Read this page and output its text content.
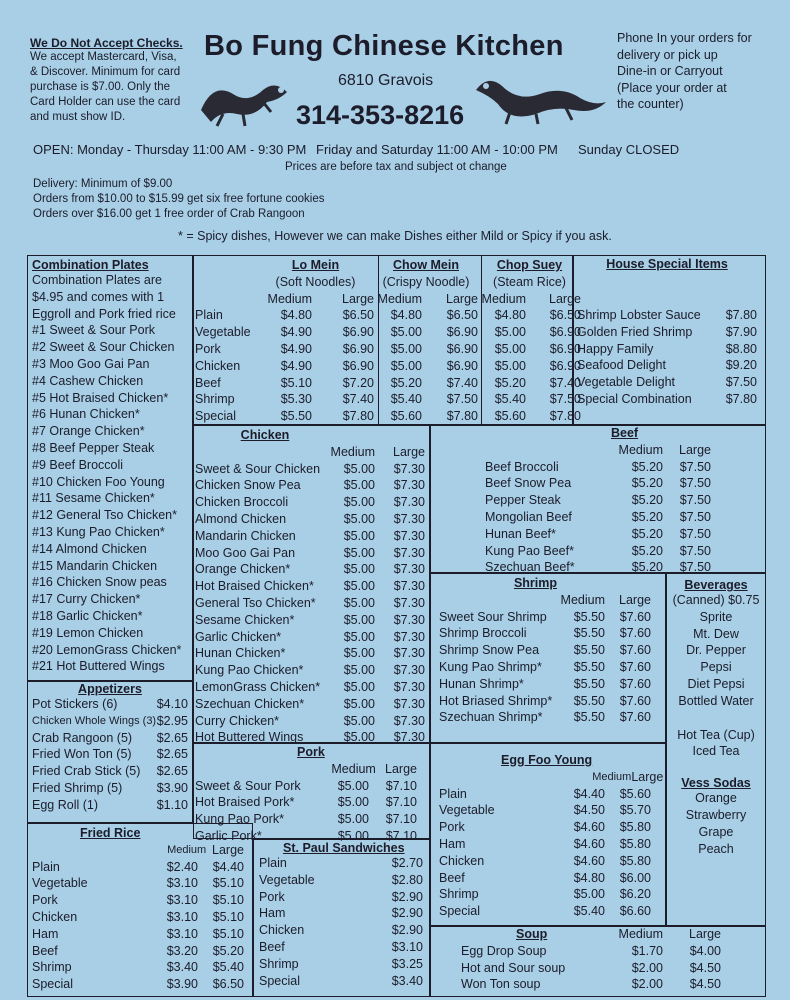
We Do Not Accept Checks.
We accept Mastercard, Visa,
& Discover. Minimum for card
purchase is $7.00. Only the
Card Holder can use the card
and must show ID.
Bo Fung Chinese Kitchen
6810 Gravois
314-353-8216
Phone In your orders for
delivery or pick up
Dine-in or Carryout
(Place your order at
the counter)
OPEN: Monday - Thursday 11:00 AM - 9:30 PM Friday and Saturday 11:00 AM - 10:00 PM Sunday CLOSED
Prices are before tax and subject ot change
Delivery: Minimum of $9.00
Orders from $10.00 to $15.99 get six free fortune cookies
Orders over $16.00 get 1 free order of Crab Rangoon
* = Spicy dishes, However we can make Dishes either Mild or Spicy if you ask.
Combination Plates
Combination Plates are
$4.95 and comes with 1
Eggroll and Pork fried rice
#1 Sweet & Sour Pork
#2 Sweet & Sour Chicken
#3 Moo Goo Gai Pan
#4 Cashew Chicken
#5 Hot Braised Chicken*
#6 Hunan Chicken*
#7 Orange Chicken*
#8 Beef Pepper Steak
#9 Beef Broccoli
#10 Chicken Foo Young
#11 Sesame Chicken*
#12 General Tso Chicken*
#13 Kung Pao Chicken*
#14 Almond Chicken
#15 Mandarin Chicken
#16 Chicken Snow peas
#17 Curry Chicken*
#18 Garlic Chicken*
#19 Lemon Chicken
#20 LemonGrass Chicken*
#21 Hot Buttered Wings
Appetizers
Pot Stickers (6)	$4.10
Chicken Whole Wings (3)	$2.95
Crab Rangoon (5)	$2.65
Fried Won Ton (5)	$2.65
Fried Crab Stick (5)	$2.65
Fried Shrimp (5)	$3.90
Egg Roll (1)	$1.10
Fried Rice		
	Medium	Large
Plain	$2.40	$4.40
Vegetable	$3.10	$5.10
Pork	$3.10	$5.10
Chicken	$3.10	$5.10
Ham	$3.10	$5.10
Beef	$3.20	$5.20
Shrimp	$3.40	$5.40
Special	$3.90	$6.50
	Lo Mein		Chow Mein		Chop Suey	
	(Soft Noodles)		(Crispy Noodle)		(Steam Rice)	
	Medium	Large	Medium	Large	Medium	Large
Plain	$4.80	$6.50	$4.80	$6.50	$4.80	$6.50
Vegetable	$4.90	$6.90	$5.00	$6.90	$5.00	$6.90
Pork	$4.90	$6.90	$5.00	$6.90	$5.00	$6.90
Chicken	$4.90	$6.90	$5.00	$6.90	$5.00	$6.90
Beef	$5.10	$7.20	$5.20	$7.40	$5.20	$7.40
Shrimp	$5.30	$7.40	$5.40	$7.50	$5.40	$7.50
Special	$5.50	$7.80	$5.60	$7.80	$5.60	$7.80
House Special Items
Shrimp Lobster Sauce	$7.80
Golden Fried Shrimp	$7.90
Happy Family	$8.80
Seafood Delight	$9.20
Vegetable Delight	$7.50
Special Combination	$7.80
Chicken		
	Medium	Large
Sweet & Sour Chicken	$5.00	$7.30
Chicken Snow Pea	$5.00	$7.30
Chicken Broccoli	$5.00	$7.30
Almond Chicken	$5.00	$7.30
Mandarin Chicken	$5.00	$7.30
Moo Goo Gai Pan	$5.00	$7.30
Orange Chicken*	$5.00	$7.30
Hot Braised Chicken*	$5.00	$7.30
General Tso Chicken*	$5.00	$7.30
Sesame Chicken*	$5.00	$7.30
Garlic Chicken*	$5.00	$7.30
Hunan Chicken*	$5.00	$7.30
Kung Pao Chicken*	$5.00	$7.30
LemonGrass Chicken*	$5.00	$7.30
Szechuan Chicken*	$5.00	$7.30
Curry Chicken*	$5.00	$7.30
Hot Buttered Wings	$5.00	$7.30
	Beef	
	Medium	Large
Beef Broccoli	$5.20	$7.50
Beef Snow Pea	$5.20	$7.50
Pepper Steak	$5.20	$7.50
Mongolian Beef	$5.20	$7.50
Hunan Beef*	$5.20	$7.50
Kung Pao Beef*	$5.20	$7.50
Szechuan Beef*	$5.20	$7.50
Shrimp		
	Medium	Large
Sweet Sour Shrimp	$5.50	$7.60
Shrimp Broccoli	$5.50	$7.60
Shrimp Snow Pea	$5.50	$7.60
Kung Pao Shrimp*	$5.50	$7.60
Hunan Shrimp*	$5.50	$7.60
Hot Briased Shrimp*	$5.50	$7.60
Szechuan Shrimp*	$5.50	$7.60
Beverages
(Canned) $0.75
Sprite
Mt. Dew
Dr. Pepper
Pepsi
Diet Pepsi
Bottled Water
Hot Tea (Cup)
Iced Tea
Vess Sodas
Orange
Strawberry
Grape
Peach
Pork		
	Medium	Large
Sweet & Sour Pork	$5.00	$7.10
Hot Braised Pork*	$5.00	$7.10
Kung Pao Pork*	$5.00	$7.10
Garlic Pork*	$5.00	$7.10
St. Paul Sandwiches
Plain	$2.70
Vegetable	$2.80
Pork	$2.90
Ham	$2.90
Chicken	$2.90
Beef	$3.10
Shrimp	$3.25
Special	$3.40
Egg Foo Young		
	Medium	Large
Plain	$4.40	$5.60
Vegetable	$4.50	$5.70
Pork	$4.60	$5.80
Ham	$4.60	$5.80
Chicken	$4.60	$5.80
Beef	$4.80	$6.00
Shrimp	$5.00	$6.20
Special	$5.40	$6.60
Soup	Medium	Large
Egg Drop Soup	$1.70	$4.00
Hot and Sour soup	$2.00	$4.50
Won Ton soup	$2.00	$4.50
